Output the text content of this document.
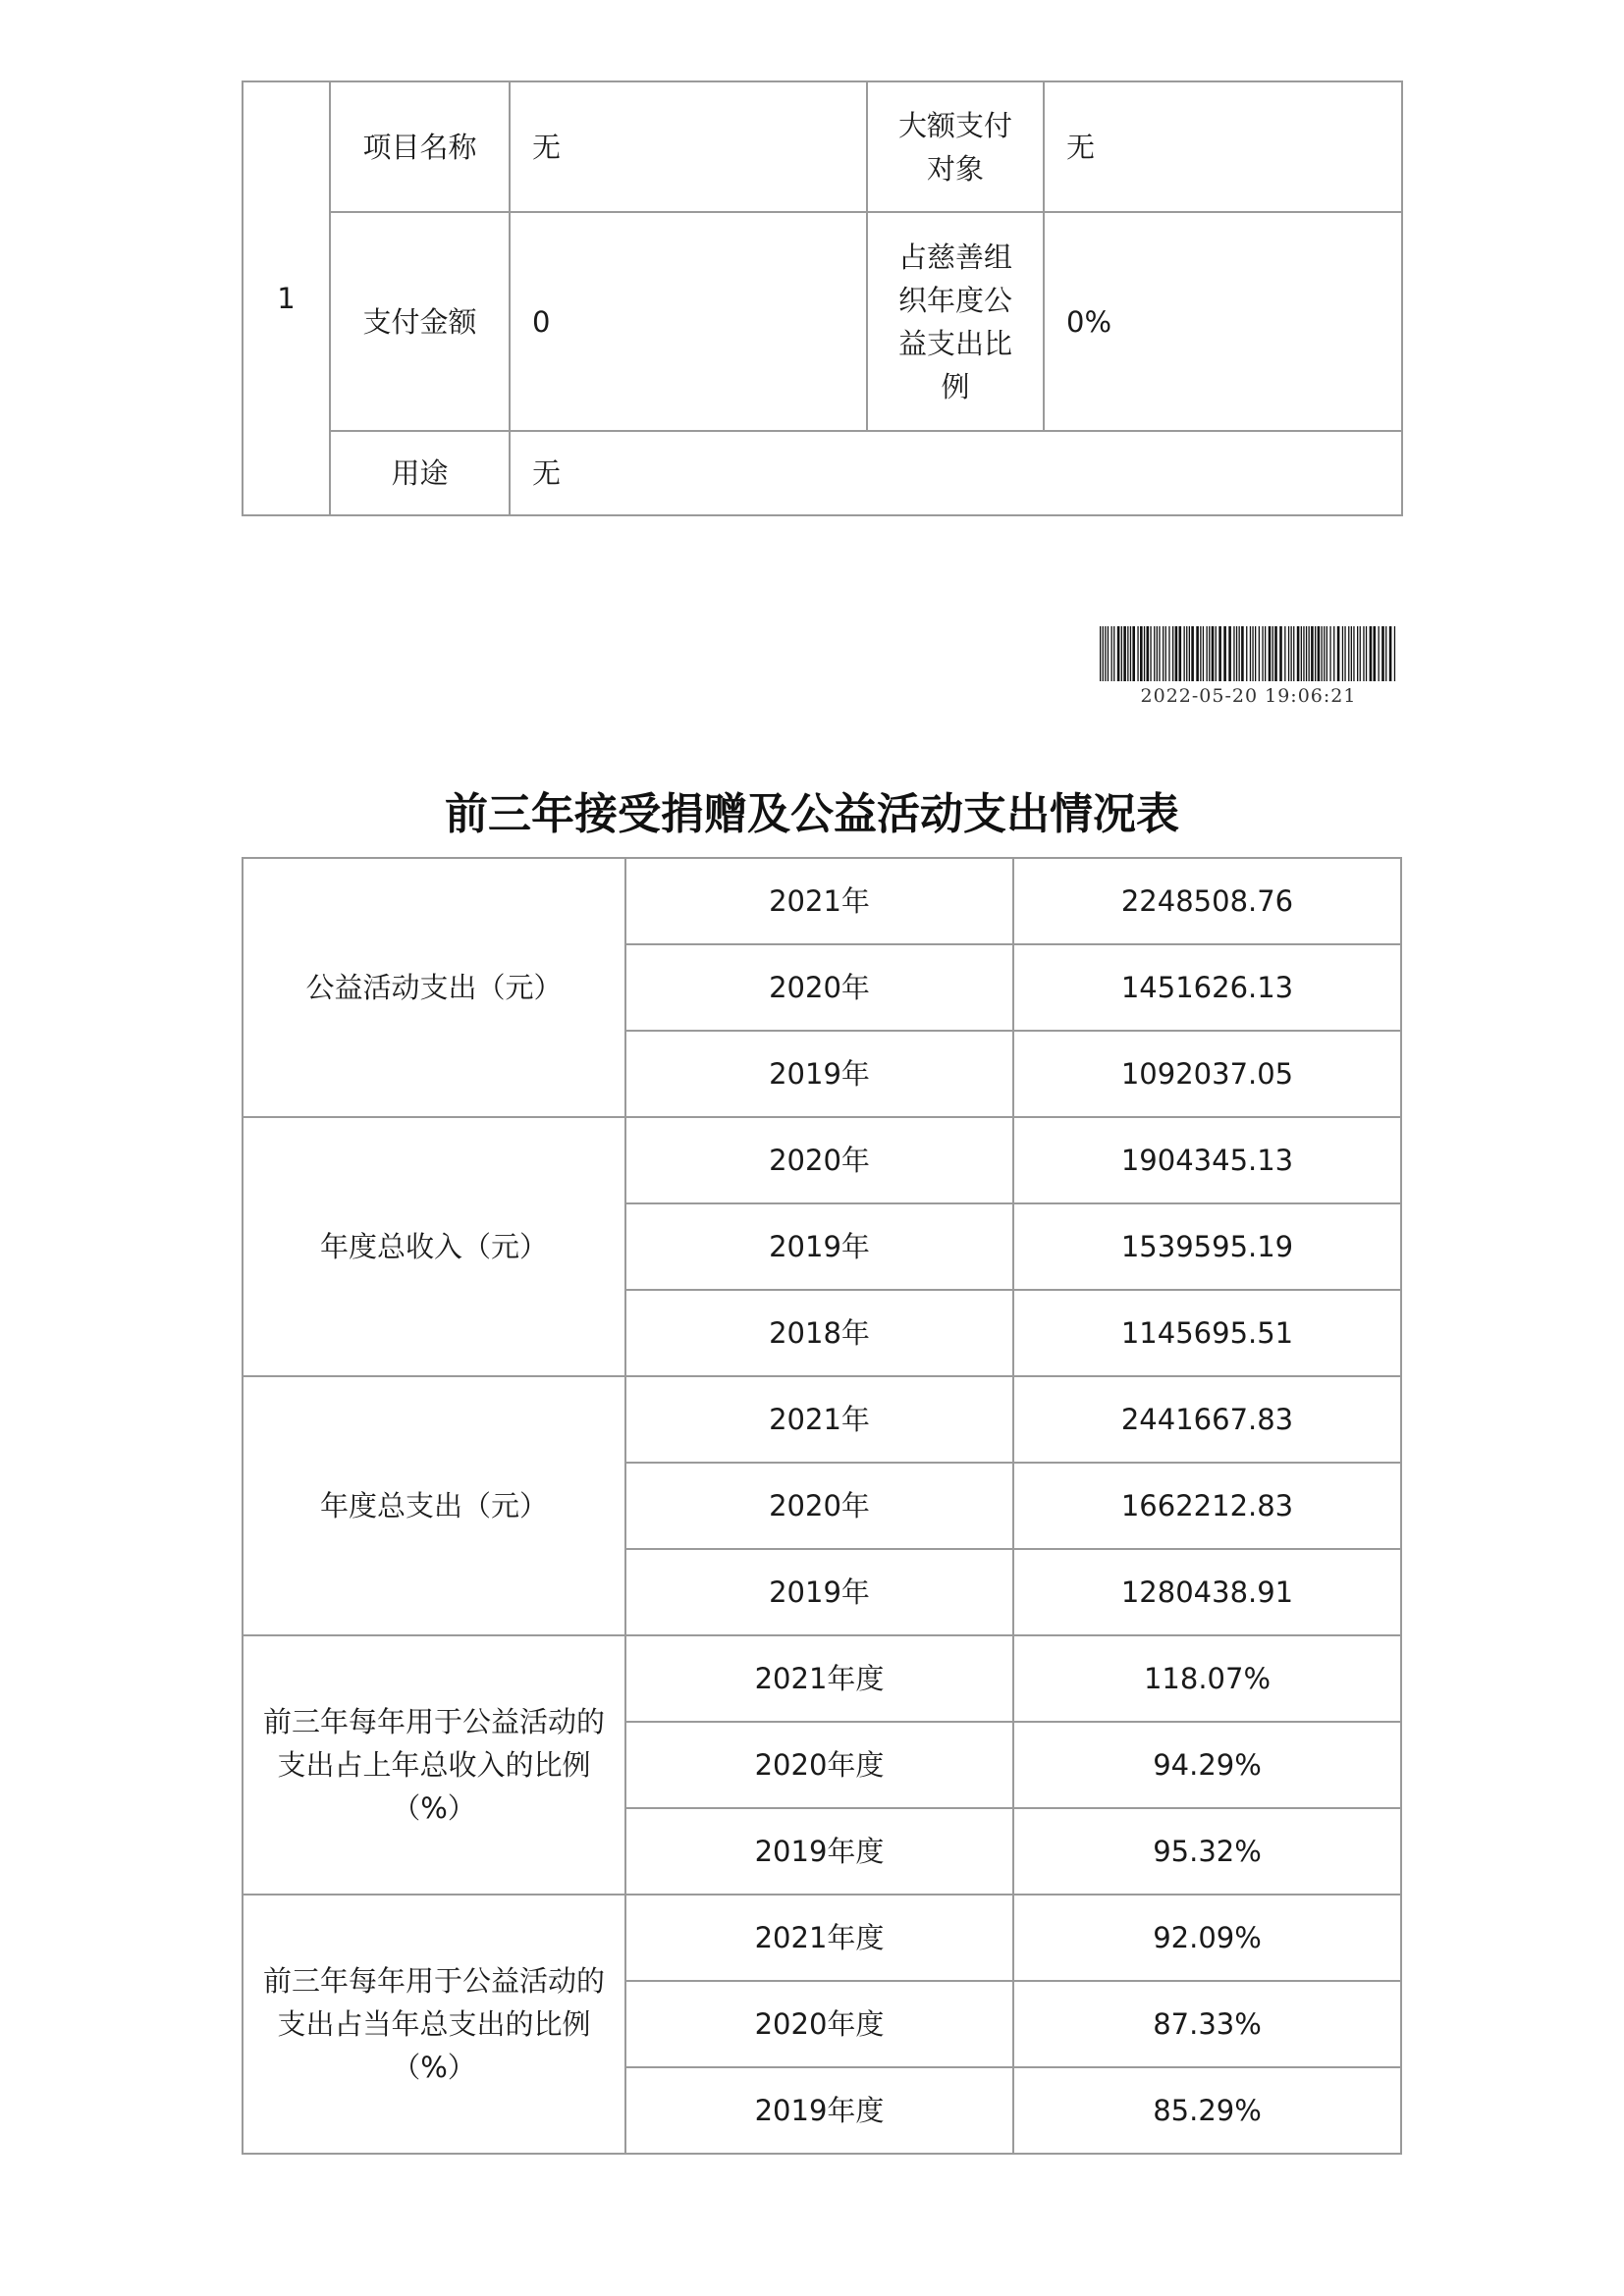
1	项目名称	无	大额支付对象	无
	支付金额	0	占慈善组织年度公益支出比例	0%
	用途	无		
2022-05-20 19:06:21
前三年接受捐赠及公益活动支出情况表
公益活动支出（元）	2021年	2248508.76
	2020年	1451626.13
	2019年	1092037.05
年度总收入（元）	2020年	1904345.13
	2019年	1539595.19
	2018年	1145695.51
年度总支出（元）	2021年	2441667.83
	2020年	1662212.83
	2019年	1280438.91
前三年每年用于公益活动的支出占上年总收入的比例（%）	2021年度	118.07%
	2020年度	94.29%
	2019年度	95.32%
前三年每年用于公益活动的支出占当年总支出的比例（%）	2021年度	92.09%
	2020年度	87.33%
	2019年度	85.29%
